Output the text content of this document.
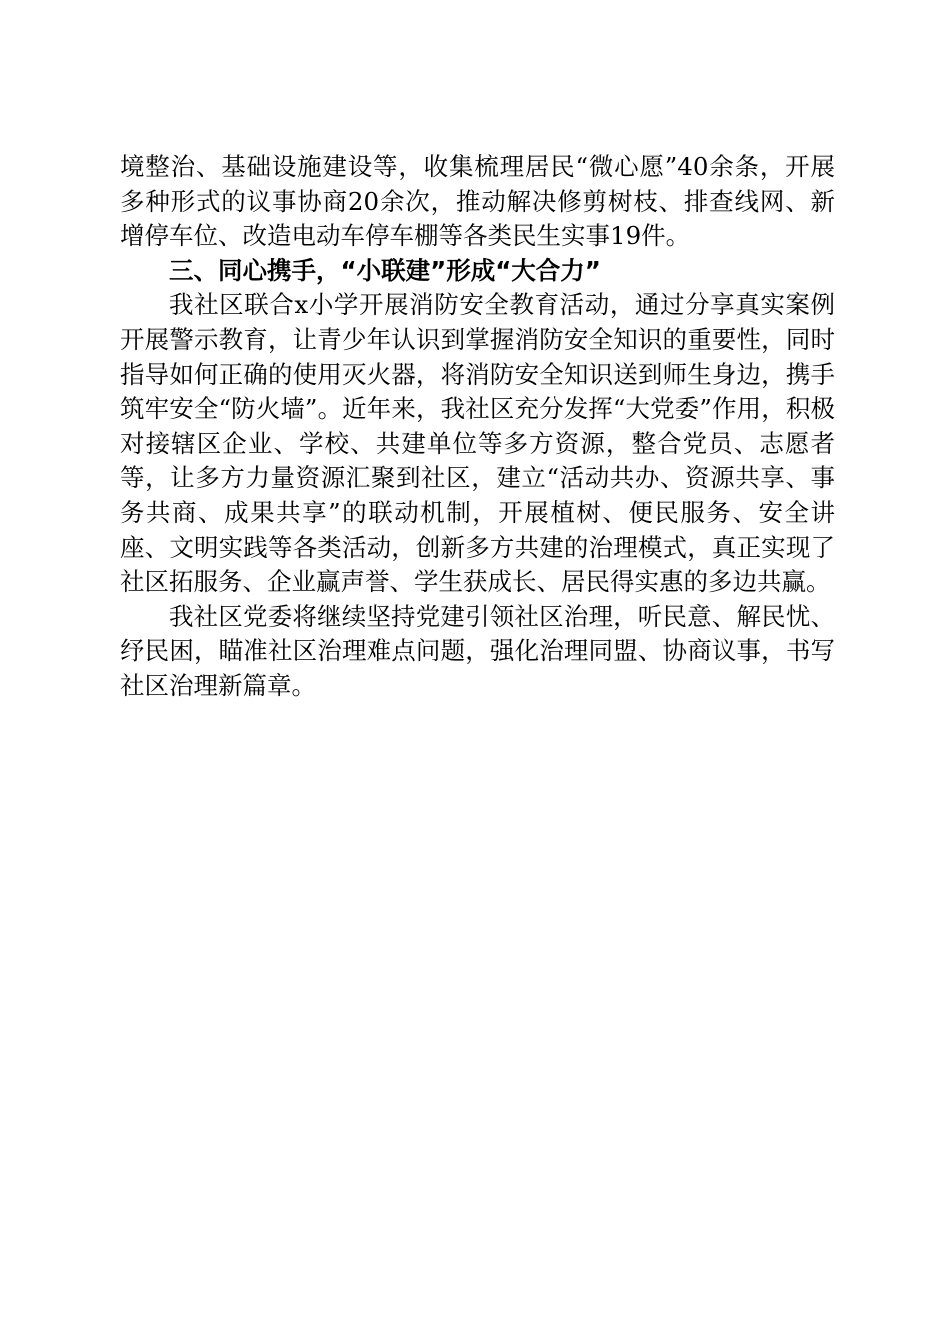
境整治、基础设施建设等，收集梳理居民“微心愿”40余条，开展多种形式的议事协商20余次，推动解决修剪树枝、排查线网、新增停车位、改造电动车停车棚等各类民生实事19件。

三、同心携手，“小联建”形成“大合力”

我社区联合x小学开展消防安全教育活动，通过分享真实案例开展警示教育，让青少年认识到掌握消防安全知识的重要性，同时指导如何正确的使用灭火器，将消防安全知识送到师生身边，携手筑牢安全“防火墙”。近年来，我社区充分发挥“大党委”作用，积极对接辖区企业、学校、共建单位等多方资源，整合党员、志愿者等，让多方力量资源汇聚到社区，建立“活动共办、资源共享、事务共商、成果共享”的联动机制，开展植树、便民服务、安全讲座、文明实践等各类活动，创新多方共建的治理模式，真正实现了社区拓服务、企业赢声誉、学生获成长、居民得实惠的多边共赢。

我社区党委将继续坚持党建引领社区治理，听民意、解民忧、纾民困，瞄准社区治理难点问题，强化治理同盟、协商议事，书写社区治理新篇章。
